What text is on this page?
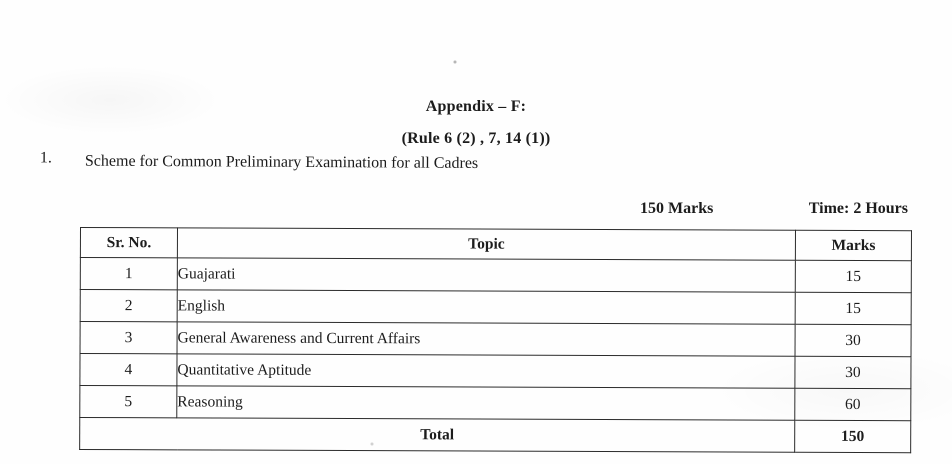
Appendix – F:
(Rule 6 (2) , 7, 14 (1))
1. Scheme for Common Preliminary Examination for all Cadres
150 Marks	Time: 2 Hours
Sr. No.	Topic	Marks
1	Guajarati	15
2	English	15
3	General Awareness and Current Affairs	30
4	Quantitative Aptitude	30
5	Reasoning	60
Total		150
